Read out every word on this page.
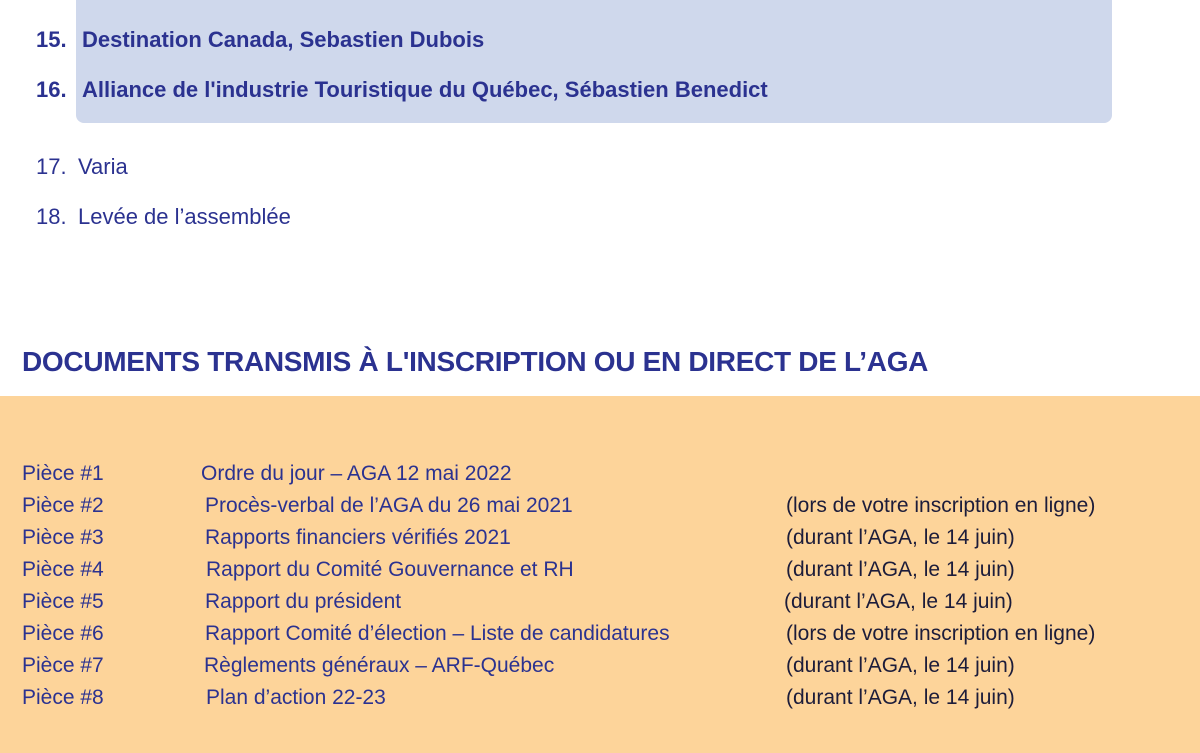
15. Destination Canada, Sebastien Dubois
16. Alliance de l'industrie Touristique du Québec, Sébastien Benedict
17. Varia
18. Levée de l’assemblée
DOCUMENTS TRANSMIS À L'INSCRIPTION OU EN DIRECT DE L’AGA
Pièce #1	Ordre du jour – AGA 12 mai 2022
Pièce #2	Procès-verbal de l’AGA du 26 mai 2021	(lors de votre inscription en ligne)
Pièce #3	Rapports financiers vérifiés 2021	(durant l’AGA, le 14 juin)
Pièce #4	Rapport du Comité Gouvernance et RH	(durant l’AGA, le 14 juin)
Pièce #5	Rapport du président	(durant l’AGA, le 14 juin)
Pièce #6	Rapport Comité d’élection – Liste de candidatures	(lors de votre inscription en ligne)
Pièce #7	Règlements généraux – ARF-Québec	(durant l’AGA, le 14 juin)
Pièce #8	Plan d’action 22-23	(durant l’AGA, le 14 juin)
